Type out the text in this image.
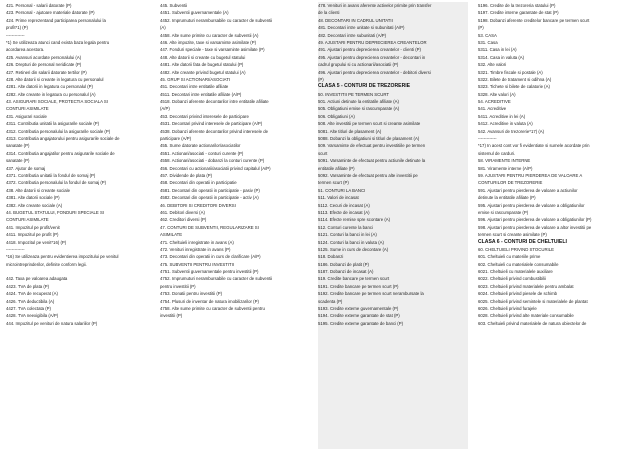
421. Personal - salarii datorate (P)
423. Personal - ajutoare materiale datorate (P)
424. Prime reprezentand participarea personalului la
profit*1) (P)
-------------
*1) Se utilizeaza atunci cand exista baza legala pentru
acordarea acestora.
425. Avansuri acordate personalului (A)
426. Drepturi de personal neridicate (P)
427. Retineri din salarii datorate tertilor (P)
428. Alte datorii si creante in legatura cu personalul
4281. Alte datorii in legatura cu personalul (P)
4282. Alte creante in legatura cu personalul (A)
43. ASIGURARI SOCIALE, PROTECTIA SOCIALA SI
CONTURI ASIMILATE
431. Asigurari sociale
4311. Contributia unitatii la asigurarile sociale (P)
4312. Contributia personalului la asigurarile sociale (P)
4313. Contributia angajatorului pentru asigurarile sociale de
sanatate (P)
4314. Contributia angajatilor pentru asigurarile sociale de
sanatate (P)
437. Ajutor de somaj
4371. Contributia unitatii la fondul de somaj (P)
4372. Contributia personalului la fondul de somaj (P)
438. Alte datorii si creante sociale
4381. Alte datorii sociale (P)
4382. Alte creante sociale (A)
44. BUGETUL STATULUI, FONDURI SPECIALE SI
CONTURI ASIMILATE
441. Impozitul pe profit/venit
4411. Impozitul pe profit (P)
4418. Impozitul pe venit*16) (P)
-------------
*16) Se utilizeaza pentru evidentierea impozitului pe venitul
microintreprinderilor, definite conform legii.
442. Taxa pe valoarea adaugata
4423. TVA de plata (P)
4424. TVA de recuperat (A)
4426. TVA deductibila (A)
4427. TVA colectata (P)
4428. TVA neexigibila (A/P)
444. Impozitul pe venituri de natura salariilor (P)
445. Subventii
4451. Subventii guvernamentale (A)
4452. Imprumuturi nerambursabile cu caracter de subventii
(A)
4458. Alte sume primite cu caracter de subventii (A)
446. Alte impozite, taxe si varsaminte asimilate (P)
447. Fonduri speciale - taxe si varsaminte asimilate (P)
448. Alte datorii si creante cu bugetul statului
4481. Alte datorii fata de bugetul statului (P)
4482. Alte creante privind bugetul statului (A)
45. GRUP SI ACTIONARI/ASOCIATI
451. Decontari intre entitatile afiliate
4511. Decontari intre entitatile afiliate (A/P)
4518. Dobanzi aferente decontarilor intre entitatile afiliate
(A/P)
453. Decontari privind interesele de participare
4531. Decontari privind interesele de participare (A/P)
4538. Dobanzi aferente decontarilor privind interesele de
participare (A/P)
455. Sume datorate actionarilor/asociatilor
4551. Actionari/asociati - conturi curente (P)
4558. Actionari/asociati - dobanzi la conturi curente (P)
456. Decontari cu actionarii/asociatii privind capitalul (A/P)
457. Dividende de plata (P)
458. Decontari din operatii in participatie
4581. Decontari din operatii in participatie - pasiv (P)
4582. Decontari din operatii in participatie - activ (A)
46. DEBITORI SI CREDITORI DIVERSI
461. Debitori diversi (A)
462. Creditori diversi (P)
47. CONTURI DE SUBVENTII, REGULARIZARE SI
ASIMILATE
471. Cheltuieli inregistrate in avans (A)
472. Venituri inregistrate in avans (P)
473. Decontari din operatii in curs de clarificare (A/P)
475. SUBVENTII PENTRU INVESTITII
4751. Subventii guvernamentale pentru investitii (P)
4752. Imprumuturi nerambursabile cu caracter de subventii
pentru investitii (P)
4753. Donatii pentru investitii (P)
4754. Plusuri de inventar de natura imobilizarilor (P)
4758. Alte sume primite cu caracter de subventii pentru
investitii (P)
478. Venituri in avans aferente activelor primite prin transfer
de la clienti
48. DECONTARI IN CADRUL UNITATII
481. Decontari intre unitate si subunitati (A/P)
482. Decontari intre subunitati (A/P)
49. AJUSTARI PENTRU DEPRECIEREA CREANTELOR
491. Ajustari pentru deprecierea creantelor - clienti (P)
495. Ajustari pentru deprecierea creantelor - decontari in
cadrul grupului si cu actionarii/asociatii (P)
496. Ajustari pentru deprecierea creantelor - debitori diversi
(P)
CLASA 5 - CONTURI DE TREZORERIE
50. INVESTITII PE TERMEN SCURT
501. Actiuni detinute la entitatile afiliate (A)
505. Obligatiuni emise si rascumparate (A)
506. Obligatiuni (A)
508. Alte investitii pe termen scurt si creante asimilate
5081. Alte titluri de plasament (A)
5088. Dobanzi la obligatiuni si titluri de plasament (A)
509. Varsaminte de efectuat pentru investitiile pe termen
scurt
5091. Varsaminte de efectuat pentru actiunile detinute la
entitatile afiliate (P)
5092. Varsaminte de efectuat pentru alte investitii pe
termen scurt (P)
51. CONTURI LA BANCI
511. Valori de incasat
5112. Cecuri de incasat (A)
5113. Efecte de incasat (A)
5114. Efecte remise spre scontare (A)
512. Conturi curente la banci
5121. Conturi la banci in lei (A)
5124. Conturi la banci in valuta (A)
5125. Sume in curs de decontare (A)
518. Dobanzi
5186. Dobanzi de platit (P)
5187. Dobanzi de incasat (A)
519. Credite bancare pe termen scurt
5191. Credite bancare pe termen scurt (P)
5192. Credite bancare pe termen scurt nerambursate la
scadenta (P)
5193. Credite externe guvernamentale (P)
5194. Credite externe garantate de stat (P)
5195. Credite externe garantate de banci (P)
5196. Credite de la trezoreria statului (P)
5197. Credite interne garantate de stat (P)
5198. Dobanzi aferente creditelor bancare pe termen scurt
(P)
53. CASA
531. Casa
5311. Casa in lei (A)
5314. Casa in valuta (A)
532. Alte valori
5321. Timbre fiscale si postale (A)
5322. Bilete de tratament si odihna (A)
5323. Tichete si bilete de calatorie (A)
5328. Alte valori (A)
54. ACREDITIVE
541. Acreditive
5411. Acreditive in lei (A)
5412. Acreditive in valuta (A)
542. Avansuri de trezorerie*17) (A)
-------------
*17) In acest cont vor fi evidentiate si sumele acordate prin
sistemul de carduri.
58. VIRAMENTE INTERNE
581. Viramente interne (A/P)
59. AJUSTARI PENTRU PIERDEREA DE VALOARE A
CONTURILOR DE TREZORERIE
591. Ajustari pentru pierderea de valoare a actiunilor
detinute la entitatile afiliate (P)
595. Ajustari pentru pierderea de valoare a obligatiunilor
emise si rascumparate (P)
596. Ajustari pentru pierderea de valoare a obligatiunilor (P)
598. Ajustari pentru pierderea de valoare a altor investitii pe
termen scurt si creante asimilate (P)
CLASA 6 - CONTURI DE CHELTUIELI
60. CHELTUIELI PRIVIND STOCURILE
601. Cheltuieli cu materiile prime
602. Cheltuieli cu materialele consumabile
6021. Cheltuieli cu materialele auxiliare
6022. Cheltuieli privind combustibilii
6023. Cheltuieli privind materialele pentru ambalat
6024. Cheltuieli privind piesele de schimb
6025. Cheltuieli privind semintele si materialele de plantat
6026. Cheltuieli privind furajele
6028. Cheltuieli privind alte materiale consumabile
603. Cheltuieli privind materialele de natura obiectelor de
